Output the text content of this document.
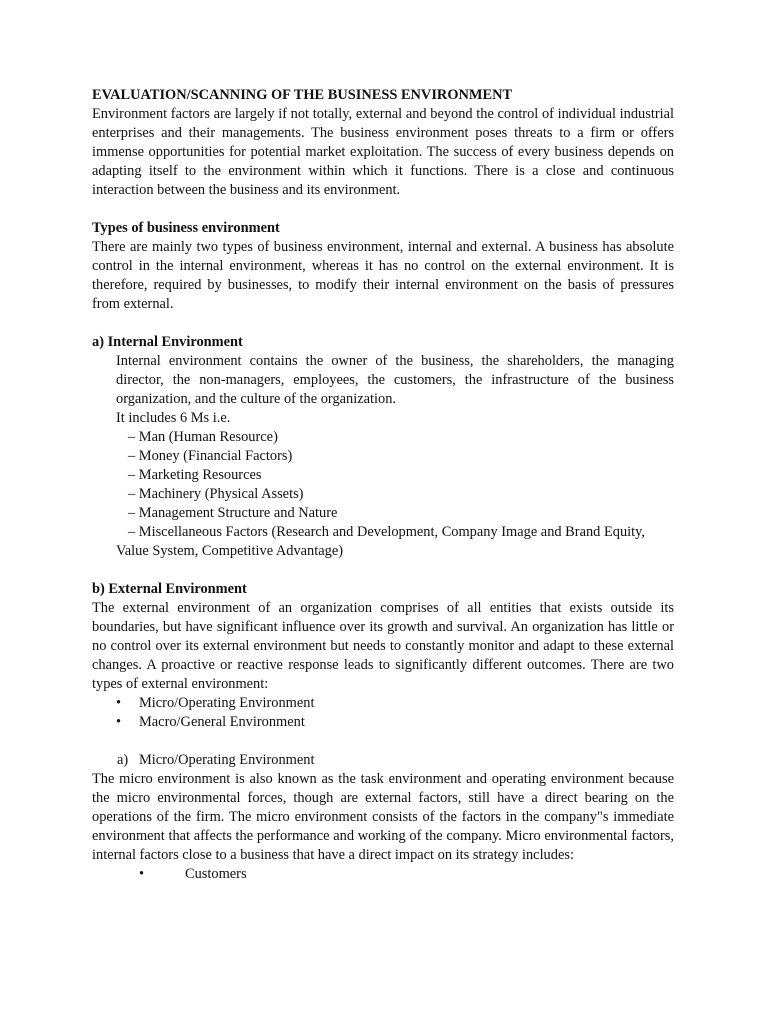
EVALUATION/SCANNING OF THE BUSINESS ENVIRONMENT

Environment factors are largely if not totally, external and beyond the control of individual industrial enterprises and their managements. The business environment poses threats to a firm or offers immense opportunities for potential market exploitation. The success of every business depends on adapting itself to the environment within which it functions. There is a close and continuous interaction between the business and its environment.

Types of business environment

There are mainly two types of business environment, internal and external. A business has absolute control in the internal environment, whereas it has no control on the external environment. It is therefore, required by businesses, to modify their internal environment on the basis of pressures from external.

a) Internal Environment

Internal environment contains the owner of the business, the shareholders, the managing director, the non-managers, employees, the customers, the infrastructure of the business organization, and the culture of the organization.

It includes 6 Ms i.e.
– Man (Human Resource)
– Money (Financial Factors)
– Marketing Resources
– Machinery (Physical Assets)
– Management Structure and Nature
– Miscellaneous Factors (Research and Development, Company Image and Brand Equity,
Value System, Competitive Advantage)
b) External Environment

The external environment of an organization comprises of all entities that exists outside its boundaries, but have significant influence over its growth and survival. An organization has little or no control over its external environment but needs to constantly monitor and adapt to these external changes. A proactive or reactive response leads to significantly different outcomes. There are two types of external environment:

• Micro/Operating Environment
• Macro/General Environment
a) Micro/Operating Environment

The micro environment is also known as the task environment and operating environment because the micro environmental forces, though are external factors, still have a direct bearing on the operations of the firm. The micro environment consists of the factors in the company"s immediate environment that affects the performance and working of the company. Micro environmental factors, internal factors close to a business that have a direct impact on its strategy includes:

•	Customers
